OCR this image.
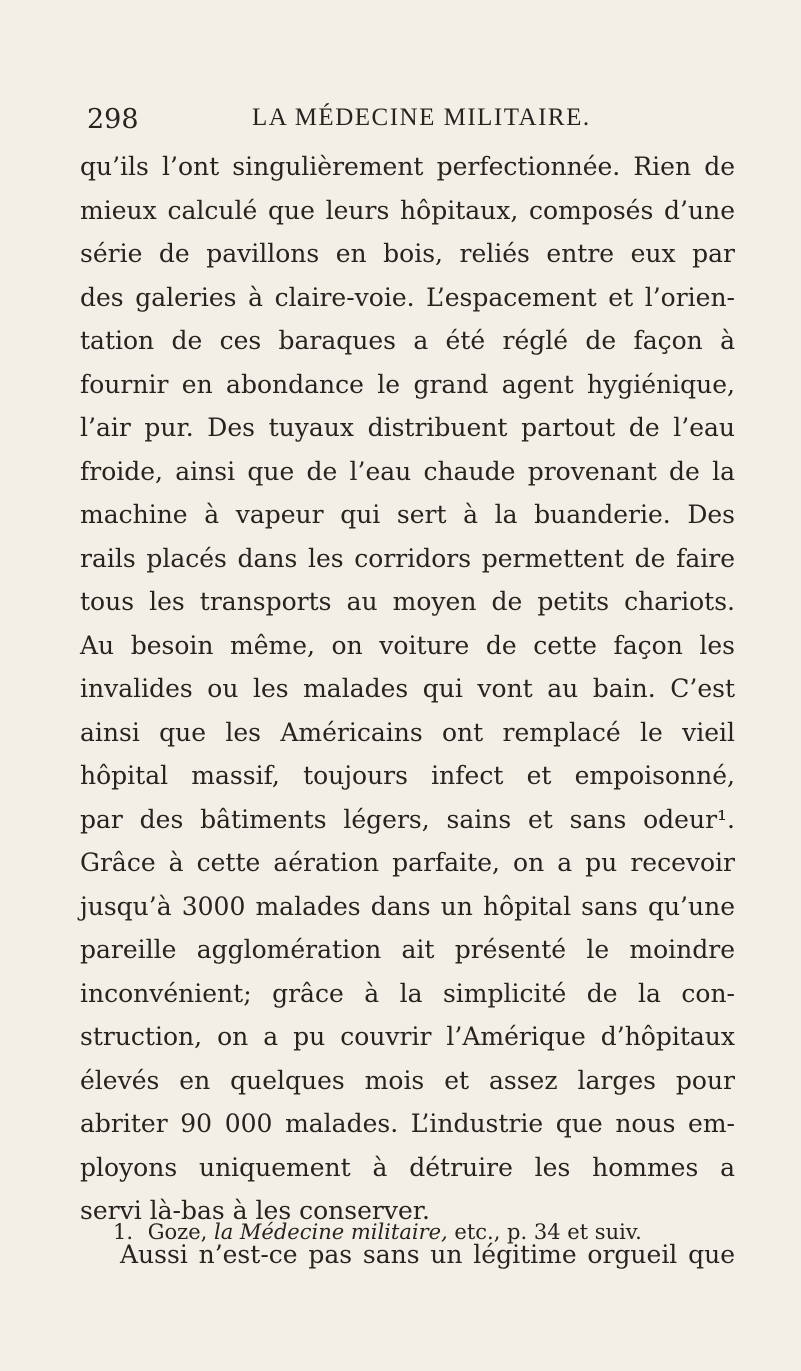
298	LA MÉDECINE MILITAIRE.
qu’ils l’ont singulièrement perfectionnée. Rien de
mieux calculé que leurs hôpitaux, composés d’une
série de pavillons en bois, reliés entre eux par
des galeries à claire-voie. L’espacement et l’orien-
tation de ces baraques a été réglé de façon à
fournir en abondance le grand agent hygiénique,
l’air pur. Des tuyaux distribuent partout de l’eau
froide, ainsi que de l’eau chaude provenant de la
machine à vapeur qui sert à la buanderie. Des
rails placés dans les corridors permettent de faire
tous les transports au moyen de petits chariots.
Au besoin même, on voiture de cette façon les
invalides ou les malades qui vont au bain. C’est
ainsi que les Américains ont remplacé le vieil
hôpital massif, toujours infect et empoisonné,
par des bâtiments légers, sains et sans odeur¹.
Grâce à cette aération parfaite, on a pu recevoir
jusqu’à 3000 malades dans un hôpital sans qu’une
pareille agglomération ait présenté le moindre
inconvénient; grâce à la simplicité de la con-
struction, on a pu couvrir l’Amérique d’hôpitaux
élevés en quelques mois et assez larges pour
abriter 90 000 malades. L’industrie que nous em-
ployons uniquement à détruire les hommes a
servi là-bas à les conserver.
Aussi n’est-ce pas sans un légitime orgueil que
1. Goze, la Médecine militaire, etc., p. 34 et suiv.
